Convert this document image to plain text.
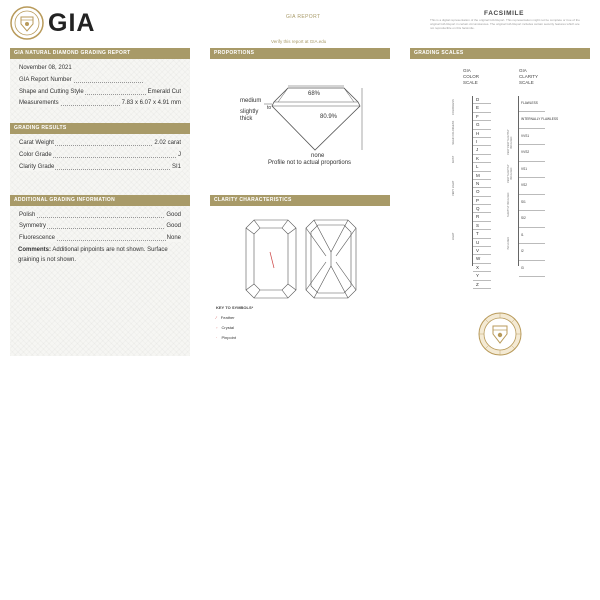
GIA	GIA REPORT
Verify this report at GIA.edu
FACSIMILE
This is a digital representation of the original GIA Report. This representation might not be complete or true of the original GIA Report in certain circumstances. The original GIA Report includes certain security features which are not reproducible on this facsimile.
GIA NATURAL DIAMOND GRADING REPORT
November 08, 2021
GIA Report Number
Shape and Cutting Style	Emerald Cut
Measurements	7.83 x 6.07 x 4.91 mm
GRADING RESULTS
Carat Weight	2.02 carat
Color Grade	J
Clarity Grade	SI1
ADDITIONAL GRADING INFORMATION
Polish	Good
Symmetry	Good
Fluorescence	None
Comments: Additional pinpoints are not shown. Surface graining is not shown.
PROPORTIONS
68%
80.9%
medium
to
slightly
thick
none
Profile not to actual proportions
CLARITY CHARACTERISTICS
KEY TO SYMBOLS*
∕ Feather
◦ Crystal
· Pinpoint
GRADING SCALES
GIA
COLOR
SCALE
GIA
CLARITY
SCALE
COLORLESS
NEAR COLORLESS
FAINT
VERY LIGHT
LIGHT
D
E
F
G
H
I
J
K
L
M
N
O
P
Q
R
S
T
U
V
W
X
Y
Z
VERY VERY SLIGHTLY INCLUDED
VERY SLIGHTLY INCLUDED
SLIGHTLY INCLUDED
INCLUDED
FLAWLESS
INTERNALLY FLAWLESS
VVS1
VVS2
VS1
VS2
SI1
SI2
I1
I2
I3
